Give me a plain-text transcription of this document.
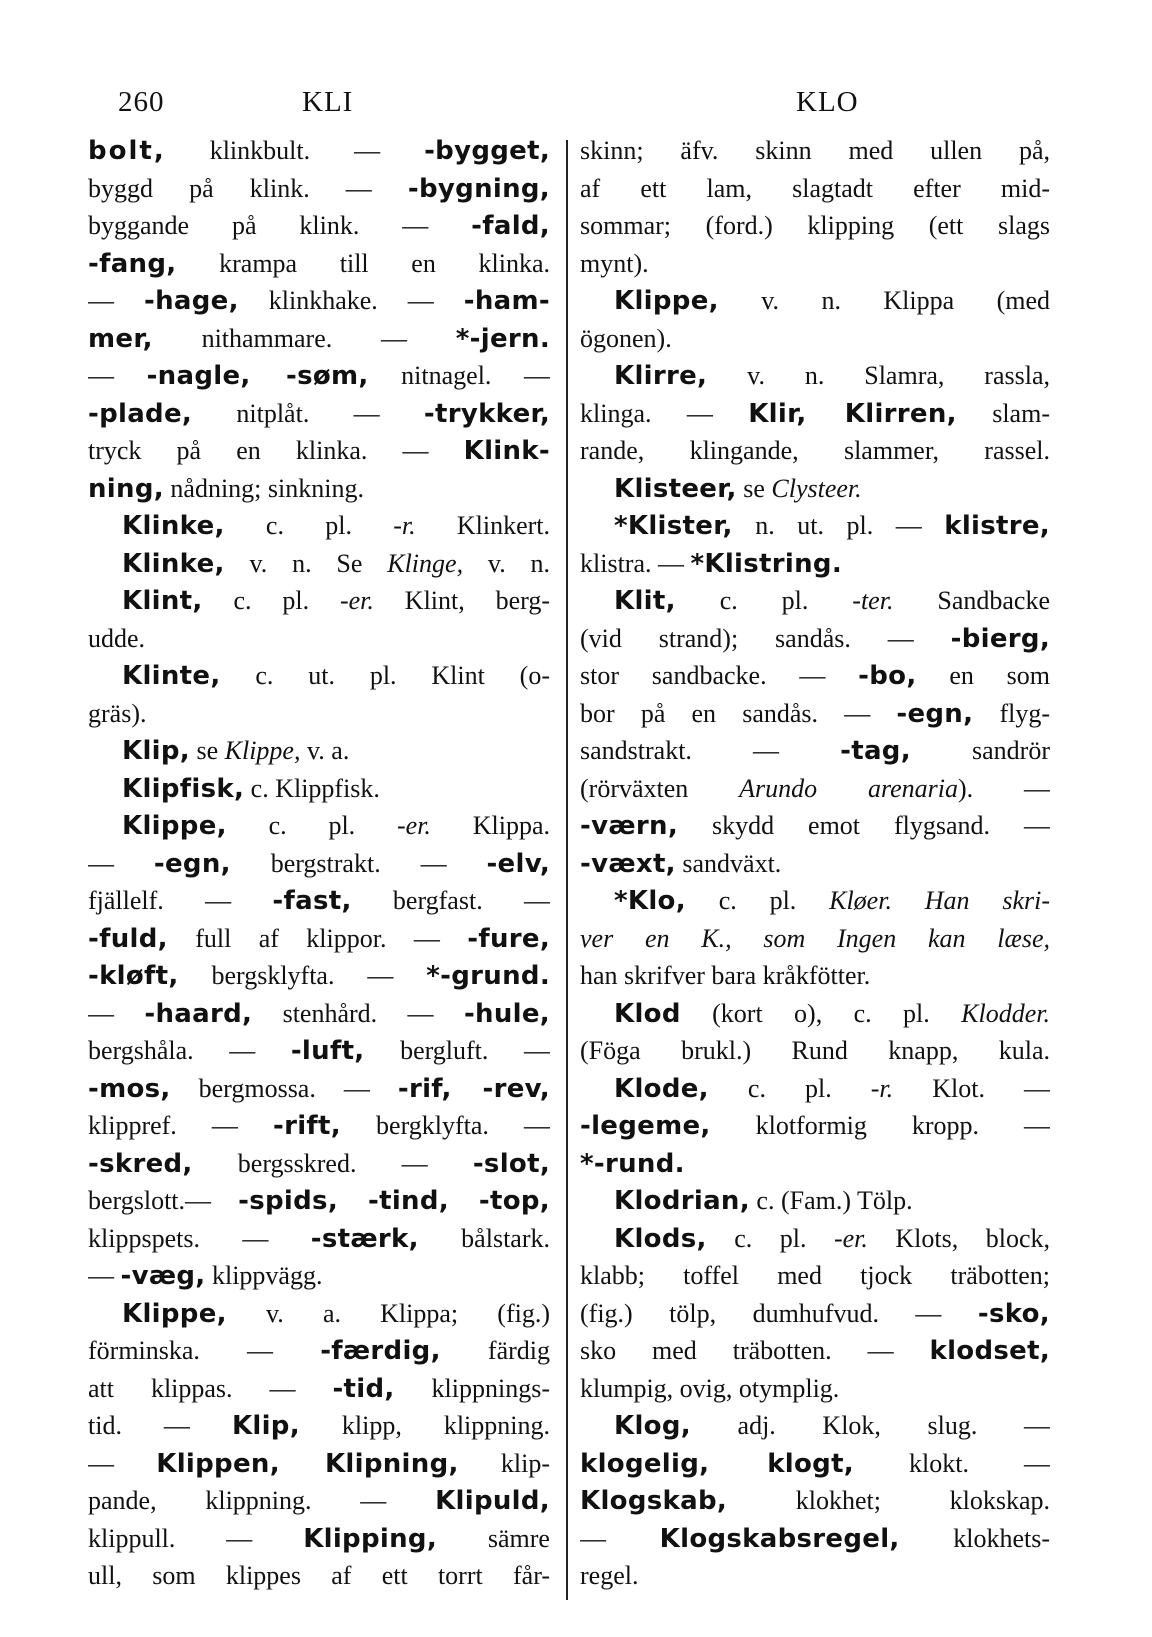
260	KLI	KLO
bolt, klinkbult. — -bygget,
byggd på klink. — -bygning,
byggande på klink. — -fald,
-fang, krampa till en klinka.
— -hage, klinkhake. — -ham-
mer, nithammare. — *-jern.
— -nagle, -søm, nitnagel. —
-plade, nitplåt. — -trykker,
tryck på en klinka. — Klink-
ning, nådning; sinkning.
Klinke, c. pl. -r. Klinkert.
Klinke, v. n. Se Klinge, v. n.
Klint, c. pl. -er. Klint, berg-
udde.
Klinte, c. ut. pl. Klint (o-
gräs).
Klip, se Klippe, v. a.
Klipfisk, c. Klippfisk.
Klippe, c. pl. -er. Klippa.
— -egn, bergstrakt. — -elv,
fjällelf. — -fast, bergfast. —
-fuld, full af klippor. — -fure,
-kløft, bergsklyfta. — *-grund.
— -haard, stenhård. — -hule,
bergshåla. — -luft, bergluft. —
-mos, bergmossa. — -rif, -rev,
klippref. — -rift, bergklyfta. —
-skred, bergsskred. — -slot,
bergslott.— -spids, -tind, -top,
klippspets. — -stærk, bålstark.
— -væg, klippvägg.
Klippe, v. a. Klippa; (fig.)
förminska. — -færdig, färdig
att klippas. — -tid, klippnings-
tid. — Klip, klipp, klippning.
— Klippen, Klipning, klip-
pande, klippning. — Klipuld,
klippull. — Klipping, sämre
ull, som klippes af ett torrt får-
skinn; äfv. skinn med ullen på,
af ett lam, slagtadt efter mid-
sommar; (ford.) klipping (ett slags
mynt).
Klippe, v. n. Klippa (med
ögonen).
Klirre, v. n. Slamra, rassla,
klinga. — Klir, Klirren, slam-
rande, klingande, slammer, rassel.
Klisteer, se Clysteer.
*Klister, n. ut. pl. — klistre,
klistra. — *Klistring.
Klit, c. pl. -ter. Sandbacke
(vid strand); sandås. — -bierg,
stor sandbacke. — -bo, en som
bor på en sandås. — -egn, flyg-
sandstrakt. — -tag, sandrör
(rörväxten Arundo arenaria). —
-værn, skydd emot flygsand. —
-væxt, sandväxt.
*Klo, c. pl. Kløer. Han skri-
ver en K., som Ingen kan læse,
han skrifver bara kråkfötter.
Klod (kort o), c. pl. Klodder.
(Föga brukl.) Rund knapp, kula.
Klode, c. pl. -r. Klot. —
-legeme, klotformig kropp. —
*-rund.
Klodrian, c. (Fam.) Tölp.
Klods, c. pl. -er. Klots, block,
klabb; toffel med tjock träbotten;
(fig.) tölp, dumhufvud. — -sko,
sko med träbotten. — klodset,
klumpig, ovig, otymplig.
Klog, adj. Klok, slug. —
klogelig, klogt, klokt. —
Klogskab, klokhet; klokskap.
— Klogskabsregel, klokhets-
regel.
